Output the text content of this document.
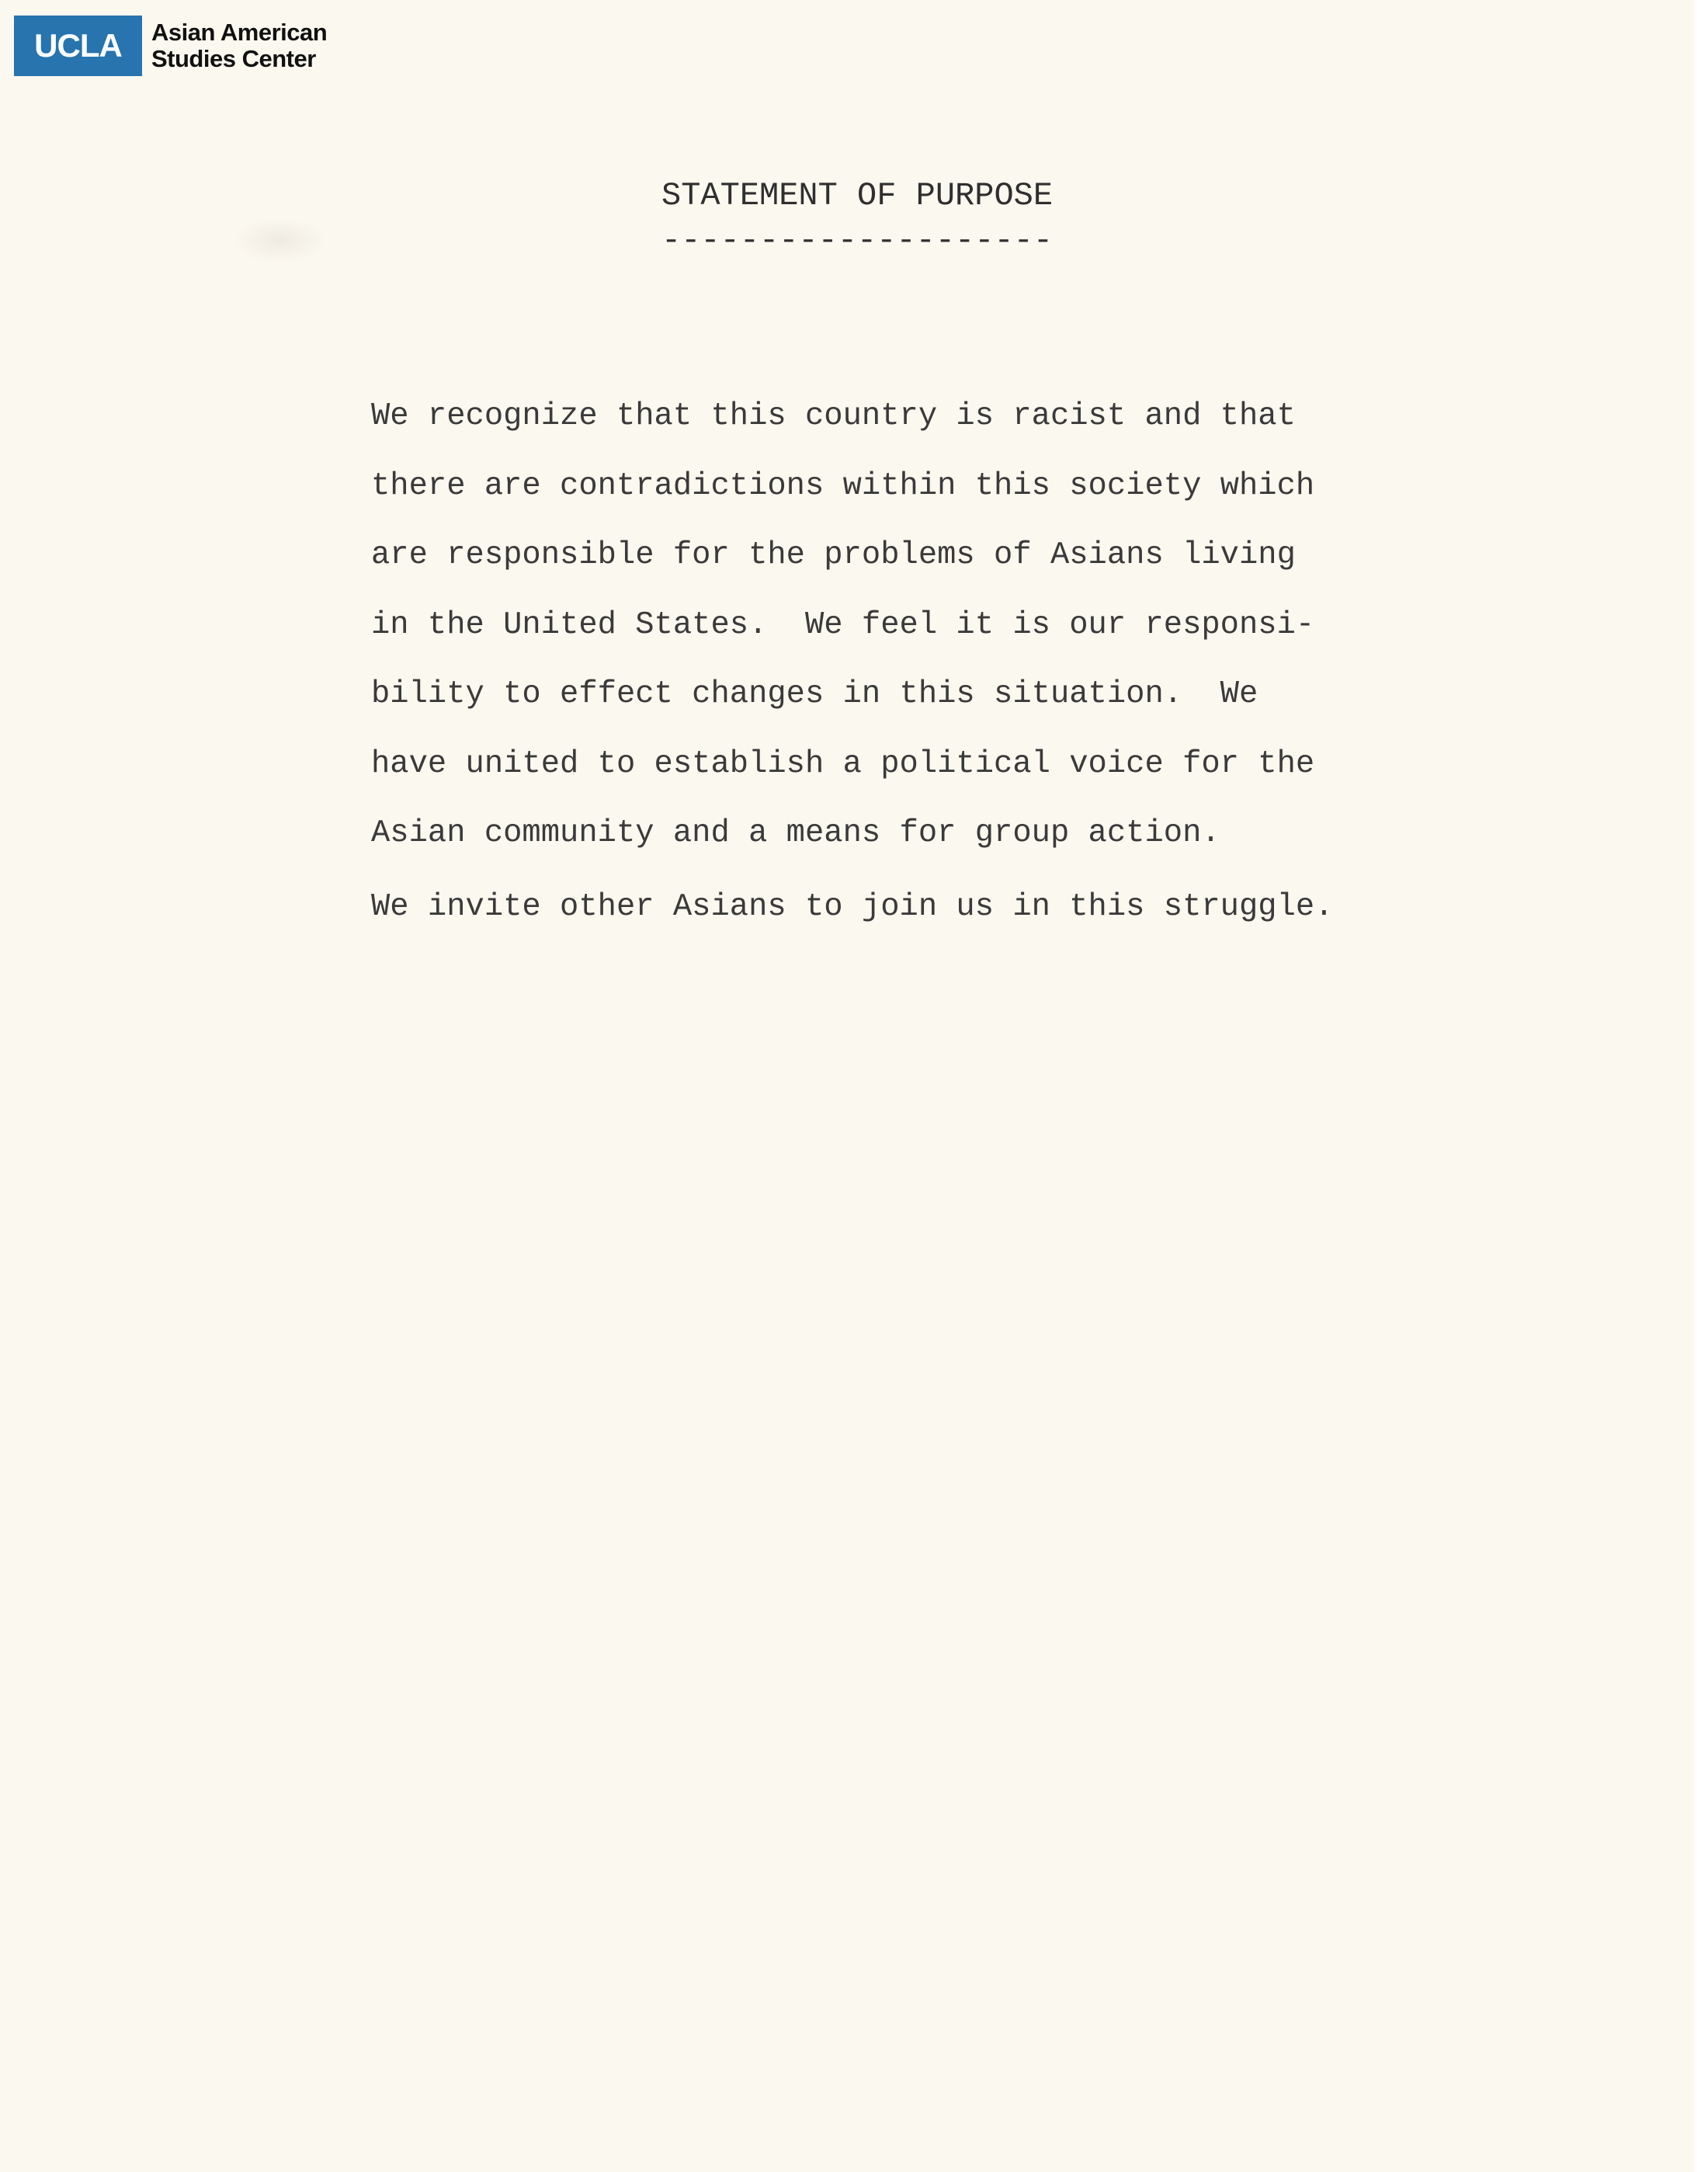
UCLA	Asian American
Studies Center
STATEMENT OF PURPOSE
--------------------
We recognize that this country is racist and that
there are contradictions within this society which
are responsible for the problems of Asians living
in the United States.  We feel it is our responsi-
bility to effect changes in this situation.  We
have united to establish a political voice for the
Asian community and a means for group action.
We invite other Asians to join us in this struggle.
